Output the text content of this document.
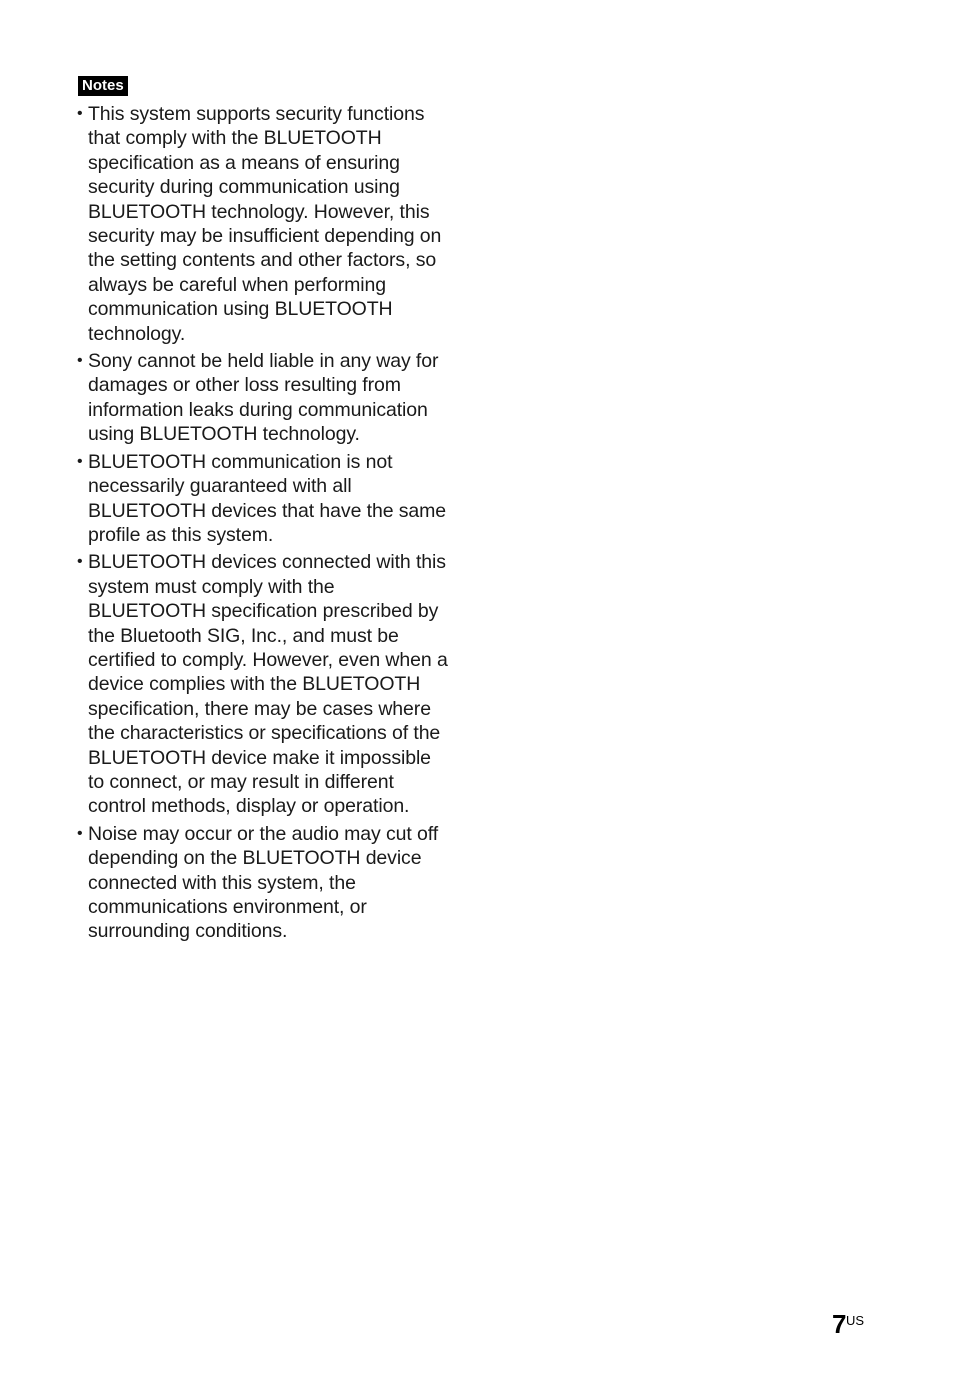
Notes
• This system supports security functions that comply with the BLUETOOTH specification as a means of ensuring security during communication using BLUETOOTH technology. However, this security may be insufficient depending on the setting contents and other factors, so always be careful when performing communication using BLUETOOTH technology.
• Sony cannot be held liable in any way for damages or other loss resulting from information leaks during communication using BLUETOOTH technology.
• BLUETOOTH communication is not necessarily guaranteed with all BLUETOOTH devices that have the same profile as this system.
• BLUETOOTH devices connected with this system must comply with the BLUETOOTH specification prescribed by the Bluetooth SIG, Inc., and must be certified to comply. However, even when a device complies with the BLUETOOTH specification, there may be cases where the characteristics or specifications of the BLUETOOTH device make it impossible to connect, or may result in different control methods, display or operation.
• Noise may occur or the audio may cut off depending on the BLUETOOTH device connected with this system, the communications environment, or surrounding conditions.
7 US
